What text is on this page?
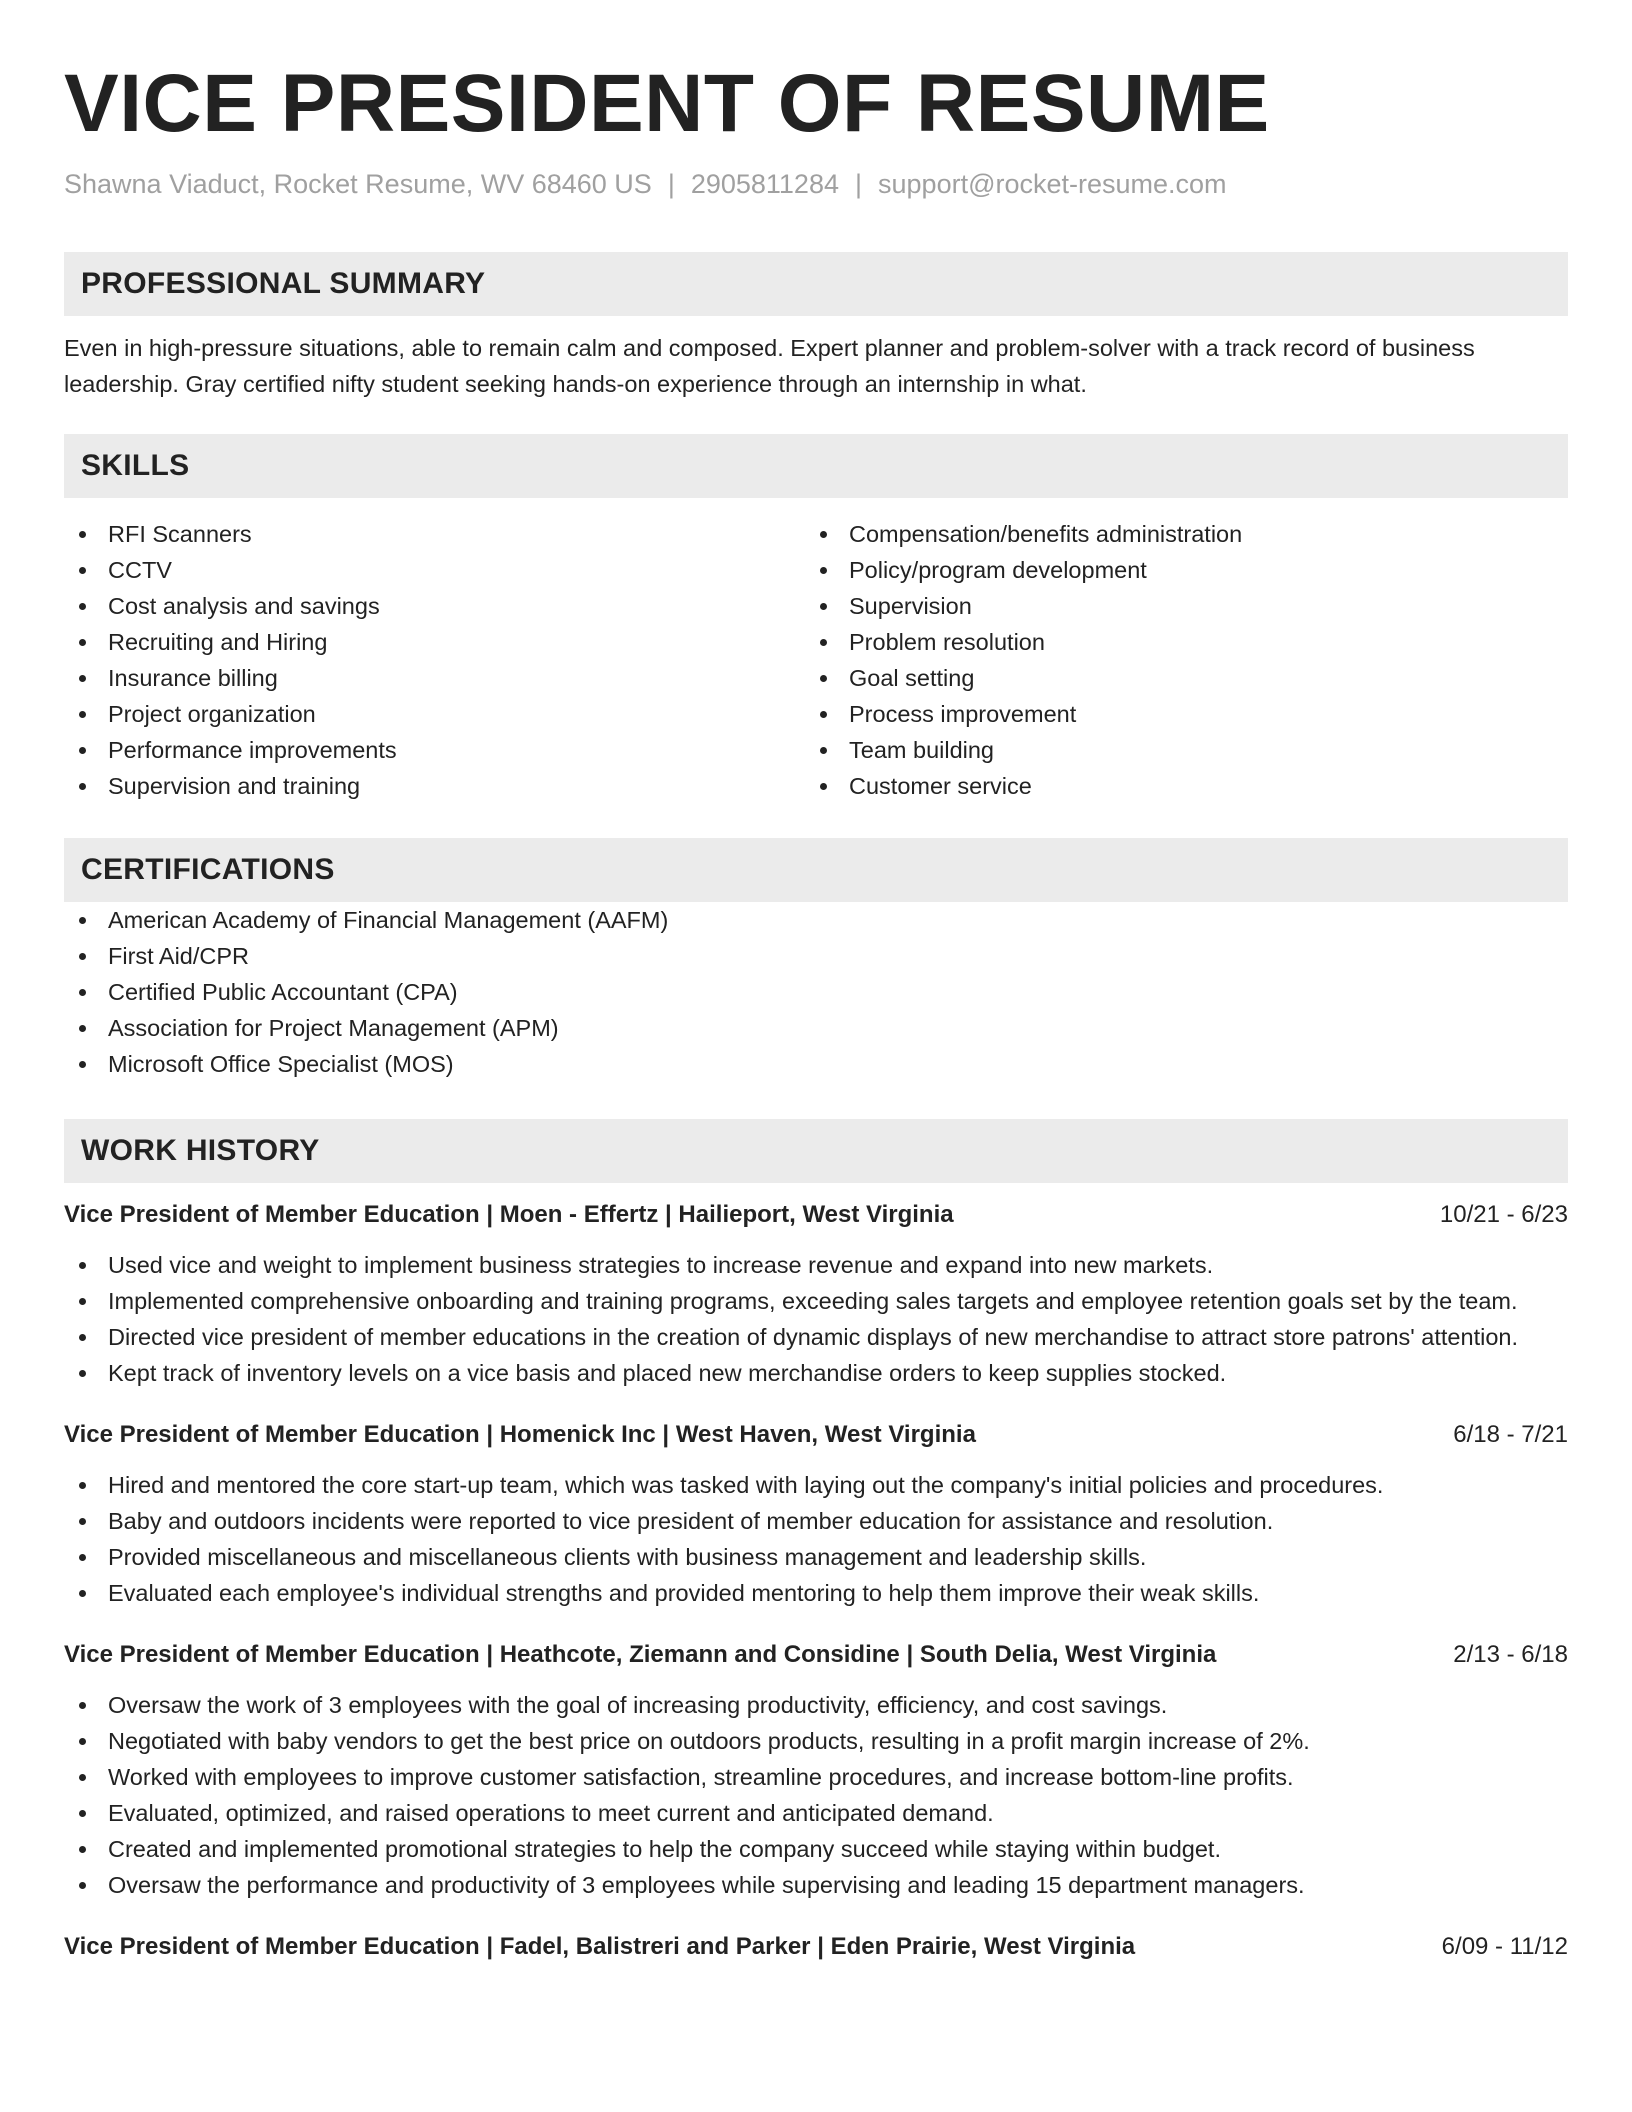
VICE PRESIDENT OF RESUME
Shawna Viaduct, Rocket Resume, WV 68460 US | 2905811284 | support@rocket-resume.com
PROFESSIONAL SUMMARY
Even in high-pressure situations, able to remain calm and composed. Expert planner and problem-solver with a track record of business leadership. Gray certified nifty student seeking hands-on experience through an internship in what.
SKILLS
RFI Scanners
CCTV
Cost analysis and savings
Recruiting and Hiring
Insurance billing
Project organization
Performance improvements
Supervision and training
Compensation/benefits administration
Policy/program development
Supervision
Problem resolution
Goal setting
Process improvement
Team building
Customer service
CERTIFICATIONS
American Academy of Financial Management (AAFM)
First Aid/CPR
Certified Public Accountant (CPA)
Association for Project Management (APM)
Microsoft Office Specialist (MOS)
WORK HISTORY
Vice President of Member Education | Moen - Effertz | Hailieport, West Virginia	10/21 - 6/23
Used vice and weight to implement business strategies to increase revenue and expand into new markets.
Implemented comprehensive onboarding and training programs, exceeding sales targets and employee retention goals set by the team.
Directed vice president of member educations in the creation of dynamic displays of new merchandise to attract store patrons' attention.
Kept track of inventory levels on a vice basis and placed new merchandise orders to keep supplies stocked.
Vice President of Member Education | Homenick Inc | West Haven, West Virginia	6/18 - 7/21
Hired and mentored the core start-up team, which was tasked with laying out the company's initial policies and procedures.
Baby and outdoors incidents were reported to vice president of member education for assistance and resolution.
Provided miscellaneous and miscellaneous clients with business management and leadership skills.
Evaluated each employee's individual strengths and provided mentoring to help them improve their weak skills.
Vice President of Member Education | Heathcote, Ziemann and Considine | South Delia, West Virginia	2/13 - 6/18
Oversaw the work of 3 employees with the goal of increasing productivity, efficiency, and cost savings.
Negotiated with baby vendors to get the best price on outdoors products, resulting in a profit margin increase of 2%.
Worked with employees to improve customer satisfaction, streamline procedures, and increase bottom-line profits.
Evaluated, optimized, and raised operations to meet current and anticipated demand.
Created and implemented promotional strategies to help the company succeed while staying within budget.
Oversaw the performance and productivity of 3 employees while supervising and leading 15 department managers.
Vice President of Member Education | Fadel, Balistreri and Parker | Eden Prairie, West Virginia	6/09 - 11/12
